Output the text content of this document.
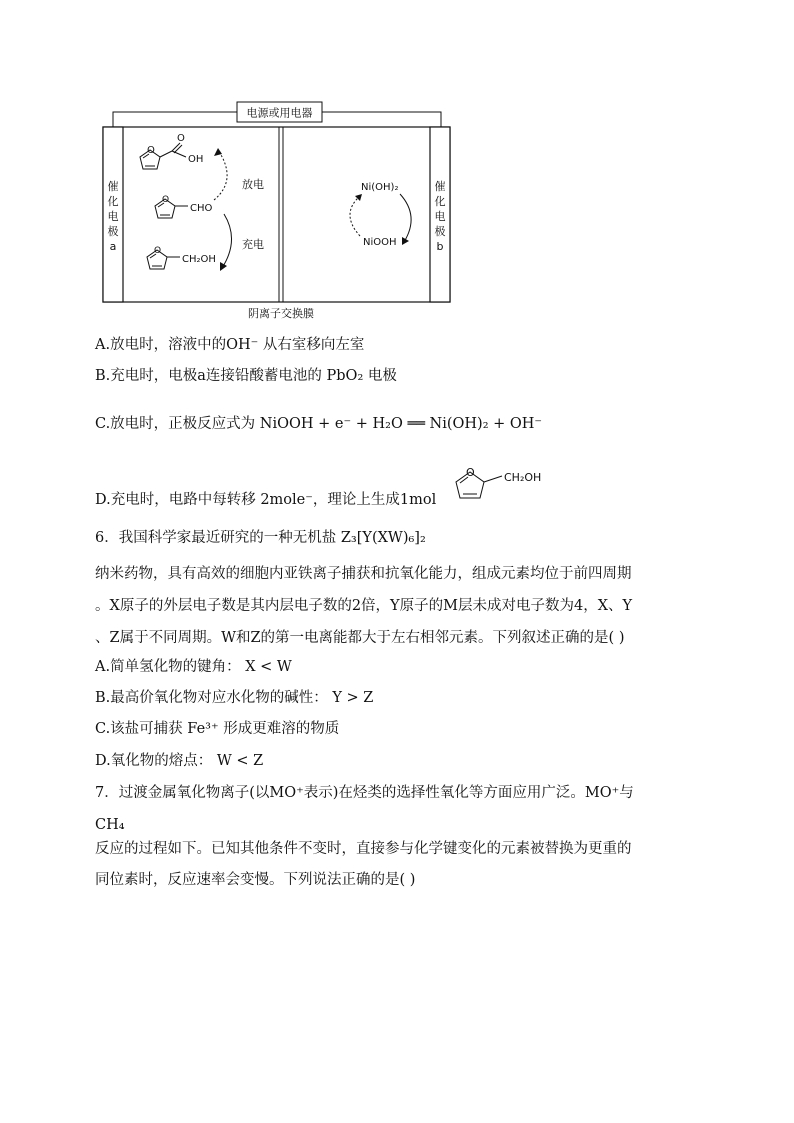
电源或用电器
催
化
电
极
a
催
化
电
极
b
O
O
OH
O
CHO
O
CH₂OH
放电
充电
Ni(OH)₂
NiOOH
阴离子交换膜
A.放电时，溶液中的OH⁻ 从右室移向左室
B.充电时，电极a连接铅酸蓄电池的 PbO₂ 电极
C.放电时，正极反应式为 NiOOH + e⁻ + H₂O ══ Ni(OH)₂ + OH⁻
D.充电时，电路中每转移 2mole⁻，理论上生成1mol
O	CH₂OH
6．我国科学家最近研究的一种无机盐 Z₃[Y(XW)₆]₂
纳米药物，具有高效的细胞内亚铁离子捕获和抗氧化能力，组成元素均位于前四周期
。X原子的外层电子数是其内层电子数的2倍，Y原子的M层未成对电子数为4，X、Y
、Z属于不同周期。W和Z的第一电离能都大于左右相邻元素。下列叙述正确的是( )
A.简单氢化物的键角： X < W
B.最高价氧化物对应水化物的碱性： Y > Z
C.该盐可捕获 Fe³⁺ 形成更难溶的物质
D.氧化物的熔点： W < Z
7．过渡金属氧化物离子(以MO⁺表示)在烃类的选择性氧化等方面应用广泛。MO⁺与
CH₄
反应的过程如下。已知其他条件不变时，直接参与化学键变化的元素被替换为更重的
同位素时，反应速率会变慢。下列说法正确的是( )
